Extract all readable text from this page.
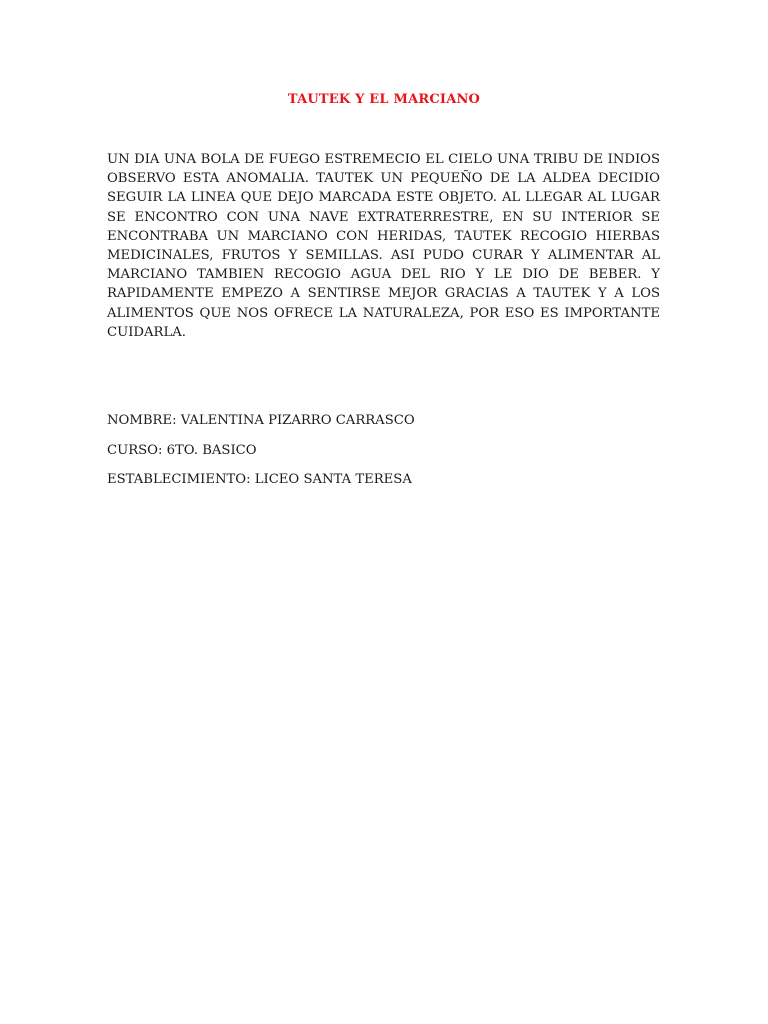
TAUTEK Y EL MARCIANO

UN DIA UNA BOLA DE FUEGO ESTREMECIO EL CIELO UNA TRIBU DE INDIOS OBSERVO ESTA ANOMALIA. TAUTEK UN PEQUEÑO DE LA ALDEA DECIDIO SEGUIR LA LINEA QUE DEJO MARCADA ESTE OBJETO. AL LLEGAR AL LUGAR SE ENCONTRO CON UNA NAVE EXTRATERRESTRE, EN SU INTERIOR SE ENCONTRABA UN MARCIANO CON HERIDAS, TAUTEK RECOGIO HIERBAS MEDICINALES, FRUTOS Y SEMILLAS. ASI PUDO CURAR Y ALIMENTAR AL MARCIANO TAMBIEN RECOGIO AGUA DEL RIO Y LE DIO DE BEBER. Y RAPIDAMENTE EMPEZO A SENTIRSE MEJOR GRACIAS A TAUTEK Y A LOS ALIMENTOS QUE NOS OFRECE LA NATURALEZA, POR ESO ES IMPORTANTE CUIDARLA.

NOMBRE: VALENTINA PIZARRO CARRASCO
CURSO: 6TO. BASICO
ESTABLECIMIENTO: LICEO SANTA TERESA
